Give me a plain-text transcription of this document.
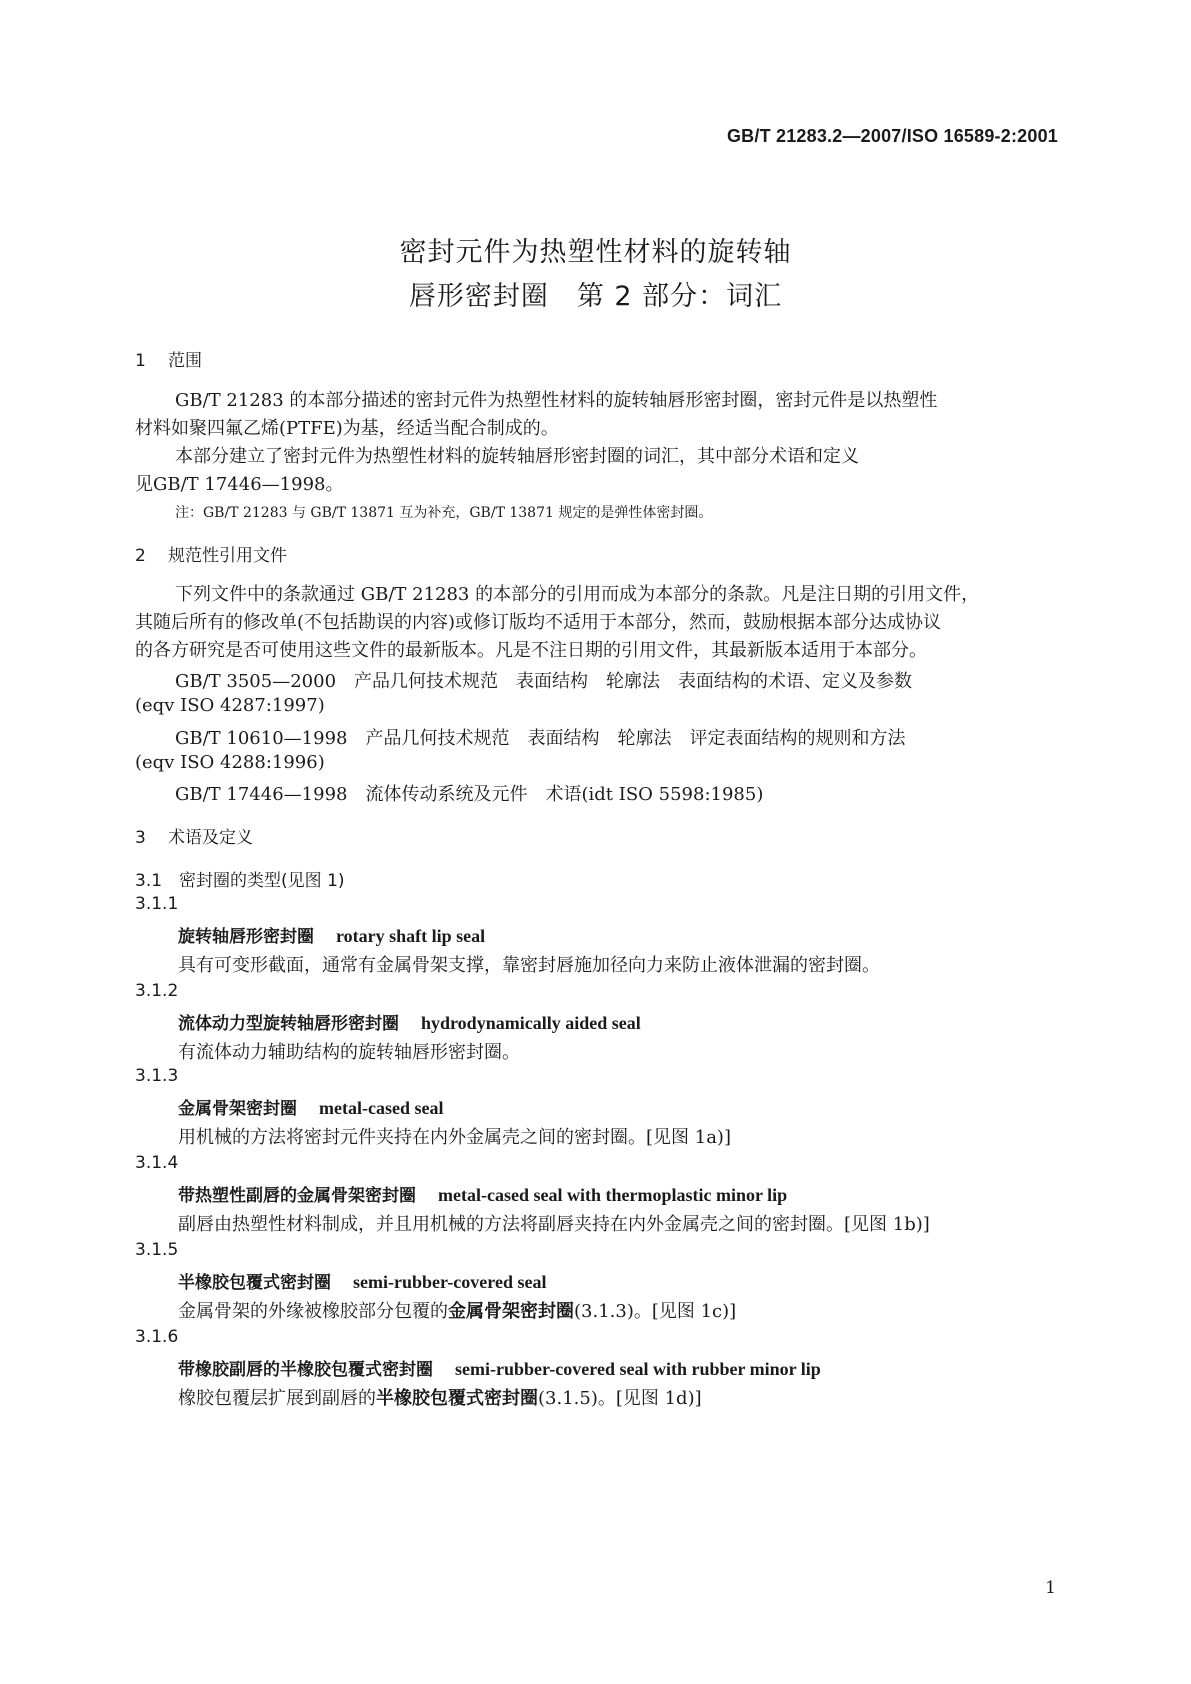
GB/T 21283.2—2007/ISO 16589-2:2001
密封元件为热塑性材料的旋转轴
唇形密封圈　第 2 部分：词汇
1 范围
GB/T 21283 的本部分描述的密封元件为热塑性材料的旋转轴唇形密封圈，密封元件是以热塑性
材料如聚四氟乙烯(PTFE)为基，经适当配合制成的。
本部分建立了密封元件为热塑性材料的旋转轴唇形密封圈的词汇，其中部分术语和定义
见GB/T 17446—1998。
注：GB/T 21283 与 GB/T 13871 互为补充，GB/T 13871 规定的是弹性体密封圈。
2 规范性引用文件
下列文件中的条款通过 GB/T 21283 的本部分的引用而成为本部分的条款。凡是注日期的引用文件，
其随后所有的修改单(不包括勘误的内容)或修订版均不适用于本部分，然而，鼓励根据本部分达成协议
的各方研究是否可使用这些文件的最新版本。凡是不注日期的引用文件，其最新版本适用于本部分。
GB/T 3505—2000　产品几何技术规范　表面结构　轮廓法　表面结构的术语、定义及参数
(eqv ISO 4287:1997)
GB/T 10610—1998　产品几何技术规范　表面结构　轮廓法　评定表面结构的规则和方法
(eqv ISO 4288:1996)
GB/T 17446—1998　流体传动系统及元件　术语(idt ISO 5598:1985)
3 术语及定义
3.1　密封圈的类型(见图 1)
3.1.1
旋转轴唇形密封圈 rotary shaft lip seal
具有可变形截面，通常有金属骨架支撑，靠密封唇施加径向力来防止液体泄漏的密封圈。
3.1.2
流体动力型旋转轴唇形密封圈 hydrodynamically aided seal
有流体动力辅助结构的旋转轴唇形密封圈。
3.1.3
金属骨架密封圈 metal-cased seal
用机械的方法将密封元件夹持在内外金属壳之间的密封圈。[见图 1a)]
3.1.4
带热塑性副唇的金属骨架密封圈 metal-cased seal with thermoplastic minor lip
副唇由热塑性材料制成，并且用机械的方法将副唇夹持在内外金属壳之间的密封圈。[见图 1b)]
3.1.5
半橡胶包覆式密封圈 semi-rubber-covered seal
金属骨架的外缘被橡胶部分包覆的金属骨架密封圈(3.1.3)。[见图 1c)]
3.1.6
带橡胶副唇的半橡胶包覆式密封圈 semi-rubber-covered seal with rubber minor lip
橡胶包覆层扩展到副唇的半橡胶包覆式密封圈(3.1.5)。[见图 1d)]
1
